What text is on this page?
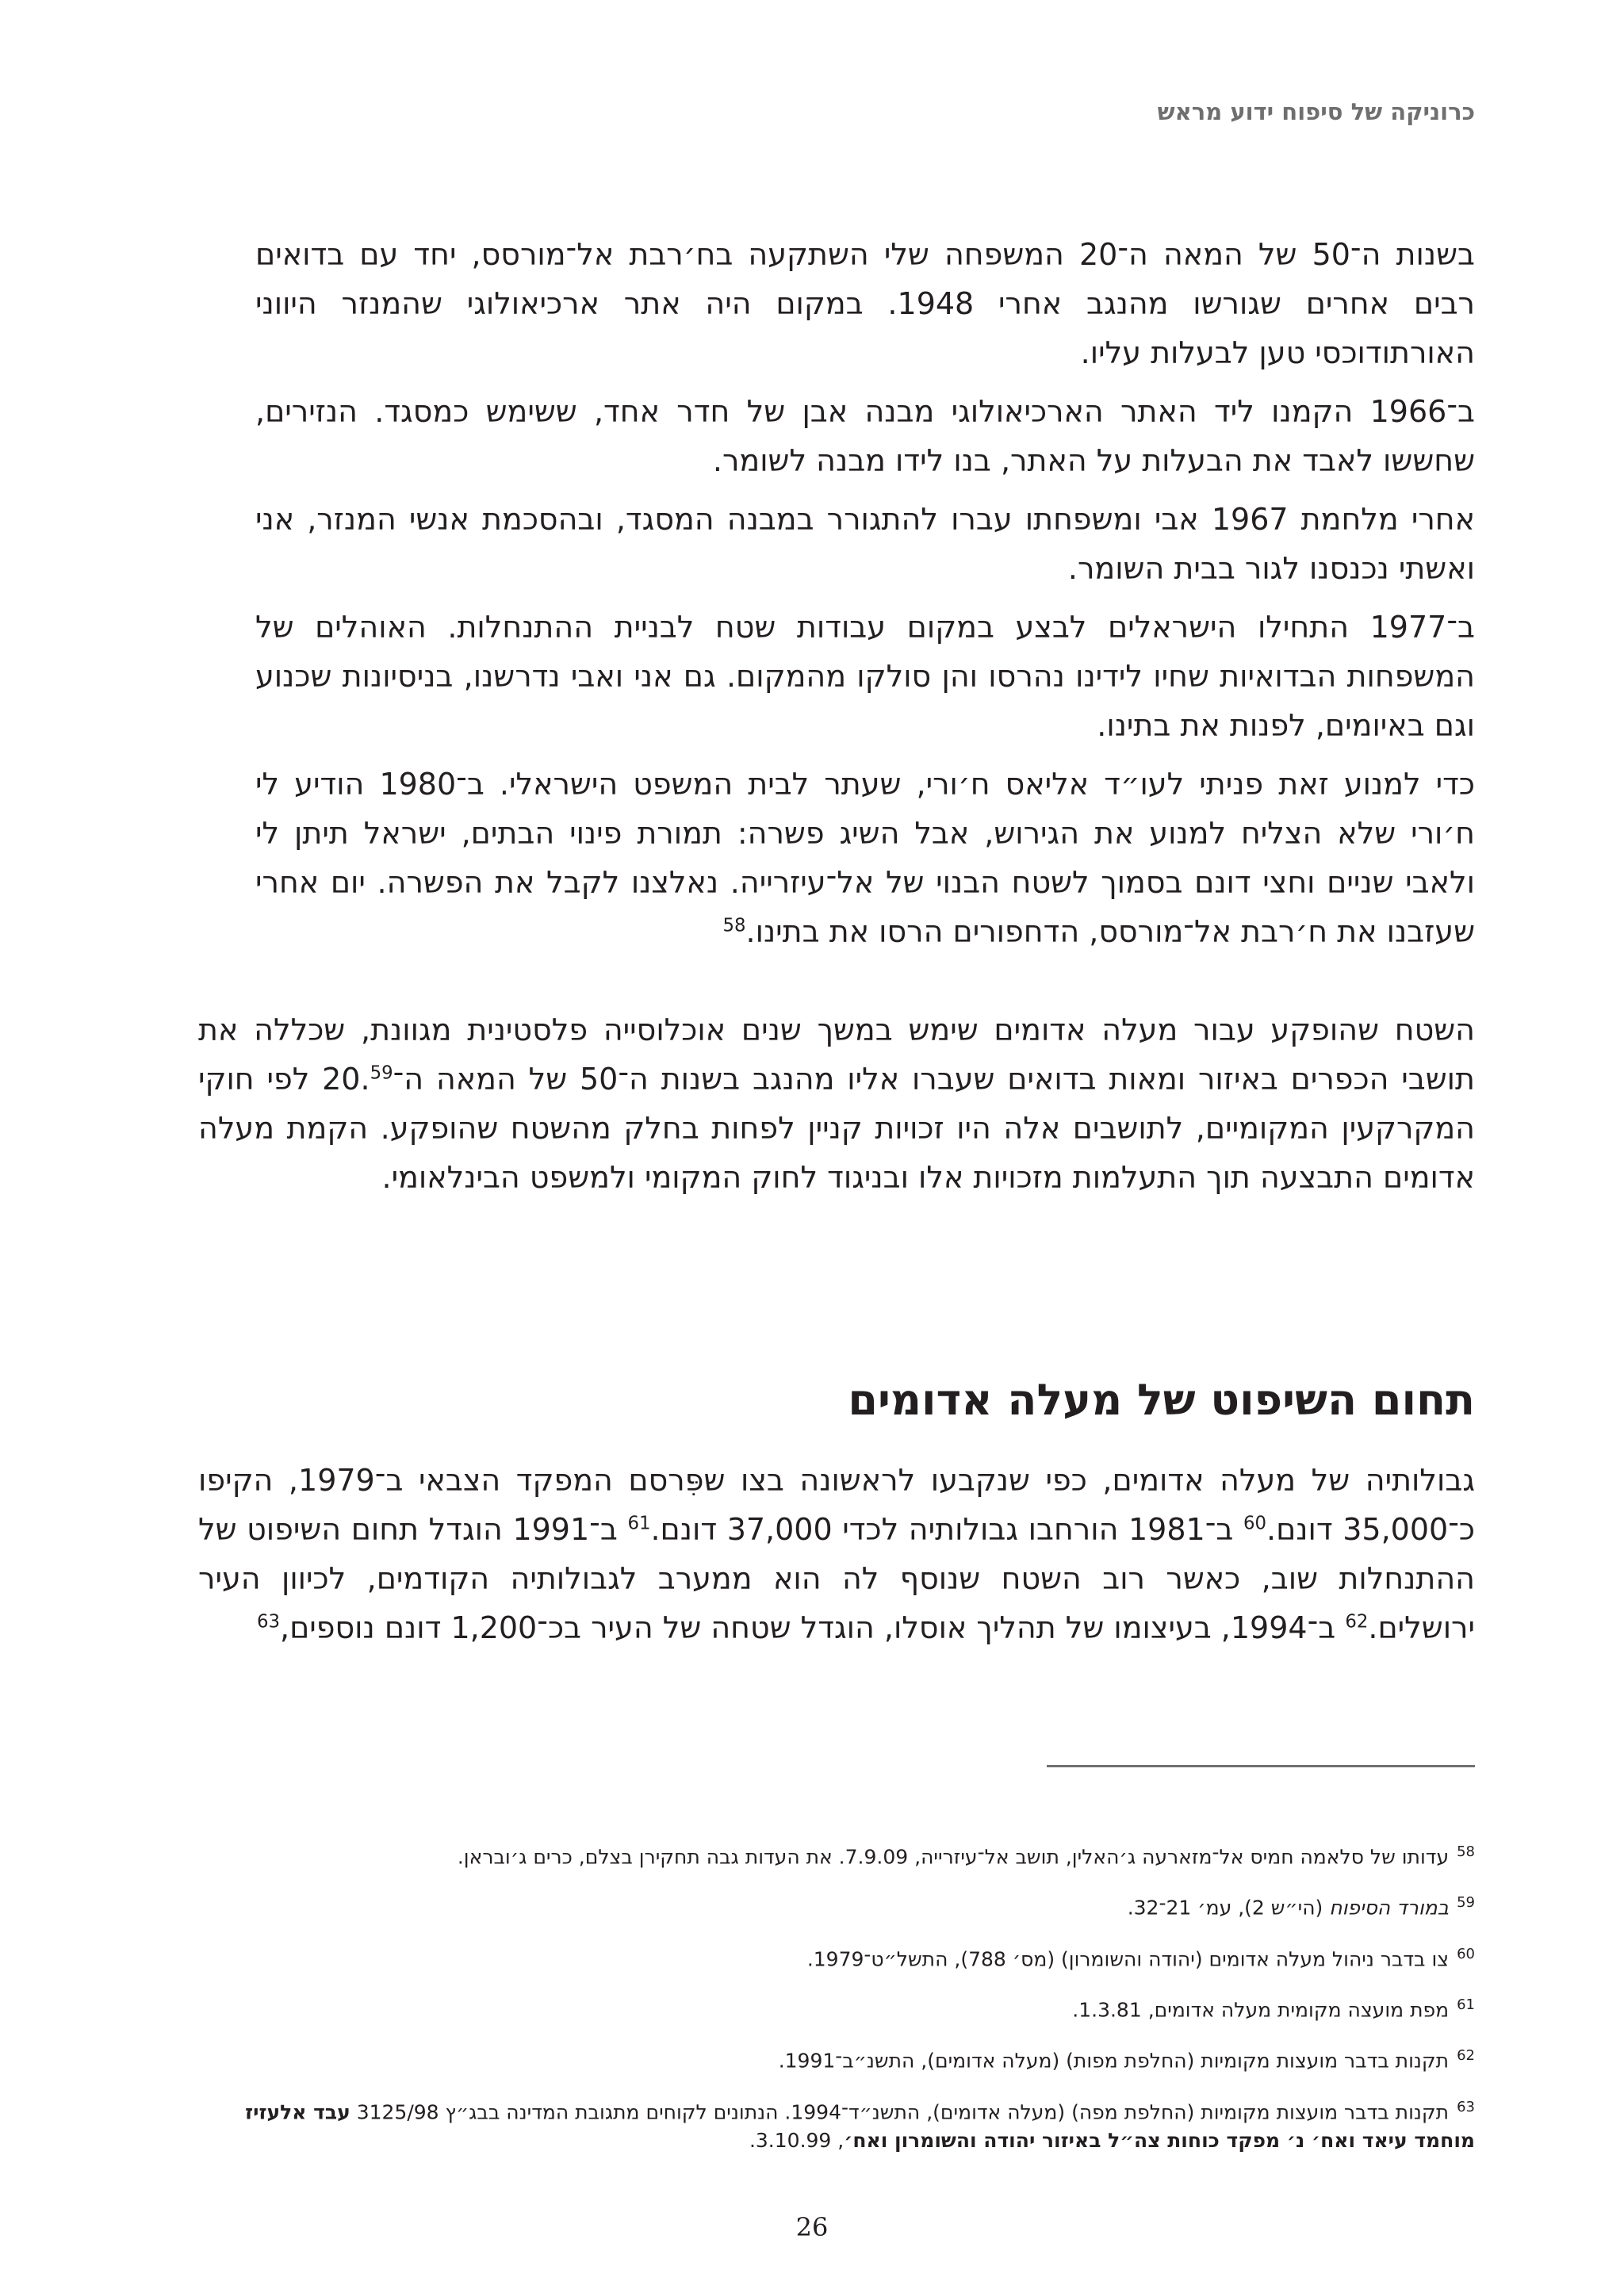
כרוניקה של סיפוח ידוע מראש

בשנות ה־50 של המאה ה־20 המשפחה שלי השתקעה בח׳רבת אל־מורסס, יחד עם בדואים רבים אחרים שגורשו מהנגב אחרי 1948. במקום היה אתר ארכיאולוגי שהמנזר היווני האורתודוכסי טען לבעלות עליו.

ב־1966 הקמנו ליד האתר הארכיאולוגי מבנה אבן של חדר אחד, ששימש כמסגד. הנזירים, שחששו לאבד את הבעלות על האתר, בנו לידו מבנה לשומר.

אחרי מלחמת 1967 אבי ומשפחתו עברו להתגורר במבנה המסגד, ובהסכמת אנשי המנזר, אני ואשתי נכנסנו לגור בבית השומר.

ב־1977 התחילו הישראלים לבצע במקום עבודות שטח לבניית ההתנחלות. האוהלים של המשפחות הבדואיות שחיו לידינו נהרסו והן סולקו מהמקום. גם אני ואבי נדרשנו, בניסיונות שכנוע וגם באיומים, לפנות את בתינו.

כדי למנוע זאת פניתי לעו״ד אליאס ח׳ורי, שעתר לבית המשפט הישראלי. ב־1980 הודיע לי ח׳ורי שלא הצליח למנוע את הגירוש, אבל השיג פשרה: תמורת פינוי הבתים, ישראל תיתן לי ולאבי שניים וחצי דונם בסמוך לשטח הבנוי של אל־עיזרייה. נאלצנו לקבל את הפשרה. יום אחרי שעזבנו את ח׳רבת אל־מורסס, הדחפורים הרסו את בתינו.$^{58}$

השטח שהופקע עבור מעלה אדומים שימש במשך שנים אוכלוסייה פלסטינית מגוונת, שכללה את תושבי הכפרים באיזור ומאות בדואים שעברו אליו מהנגב בשנות ה־50 של המאה ה־20.59 לפי חוקי המקרקעין המקומיים, לתושבים אלה היו זכויות קניין לפחות בחלק מהשטח שהופקע. הקמת מעלה אדומים התבצעה תוך התעלמות מזכויות אלו ובניגוד לחוק המקומי ולמשפט הבינלאומי.

תחום השיפוט של מעלה אדומים

גבולותיה של מעלה אדומים, כפי שנקבעו לראשונה בצו שפִּרסם המפקד הצבאי ב־1979, הקיפו כ־35,000 דונם.$^{60}$ ב־1981 הורחבו גבולותיה לכדי 37,000 דונם.$^{61}$ ב־1991 הוגדל תחום השיפוט של ההתנחלות שוב, כאשר רוב השטח שנוסף לה הוא ממערב לגבולותיה הקודמים, לכיוון העיר ירושלים.$^{62}$ ב־1994, בעיצומו של תהליך אוסלו, הוגדל שטחה של העיר בכ־1,200 דונם נוספים,$^{63}$

$^{58}$עדותו של סלאמה חמיס אל־מזארעה ג׳האלין, תושב אל־עיזרייה, 7.9.09. את העדות גבה תחקירן בצלם, כרים ג׳ובראן.
$^{59}$במורד הסיפוח (הי״ש 2), עמ׳ 21־32.
$^{60}$צו בדבר ניהול מעלה אדומים (יהודה והשומרון) (מס׳ 788), התשל״ט־1979.
$^{61}$מפת מועצה מקומית מעלה אדומים, 1.3.81.
$^{62}$תקנות בדבר מועצות מקומיות (החלפת מפות) (מעלה אדומים), התשנ״ב־1991.
$^{63}$תקנות בדבר מועצות מקומיות (החלפת מפה) (מעלה אדומים), התשנ״ד־1994. הנתונים לקוחים מתגובת המדינה בבג״ץ 3125/98 עבד אלעזיז מוחמד עיאד ואח׳ נ׳ מפקד כוחות צה״ל באיזור יהודה והשומרון ואח׳, 3.10.99.
26
